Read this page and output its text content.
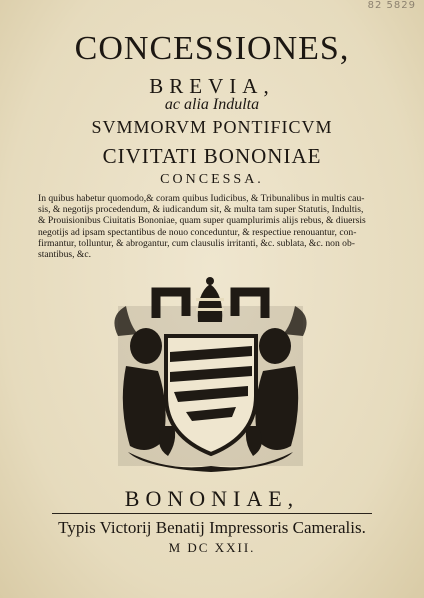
82 5829
CONCESSIONES,
BREVIA,
ac alia Indulta
SVMMORVM PONTIFICVM
CIVITATI BONONIAE
CONCESSA.
In quibus habetur quomodo,& coram quibus Iudicibus, & Tribunalibus in multis cau-
sis, & negotijs procedendum, & iudicandum sit, & multa tam super Statutis, Indultis,
& Prouisionibus Ciuitatis Bononiae, quam super quamplurimis alijs rebus, & diuersis
negotijs ad ipsam spectantibus de nouo conceduntur, & respectiue renouantur, con-
firmantur, tolluntur, & abrogantur, cum clausulis irritanti, &c. sublata, &c. non ob-
stantibus, &c.
BONONIAE,
Typis Victorij Benatij Impressoris Cameralis.
M DC XXII.
